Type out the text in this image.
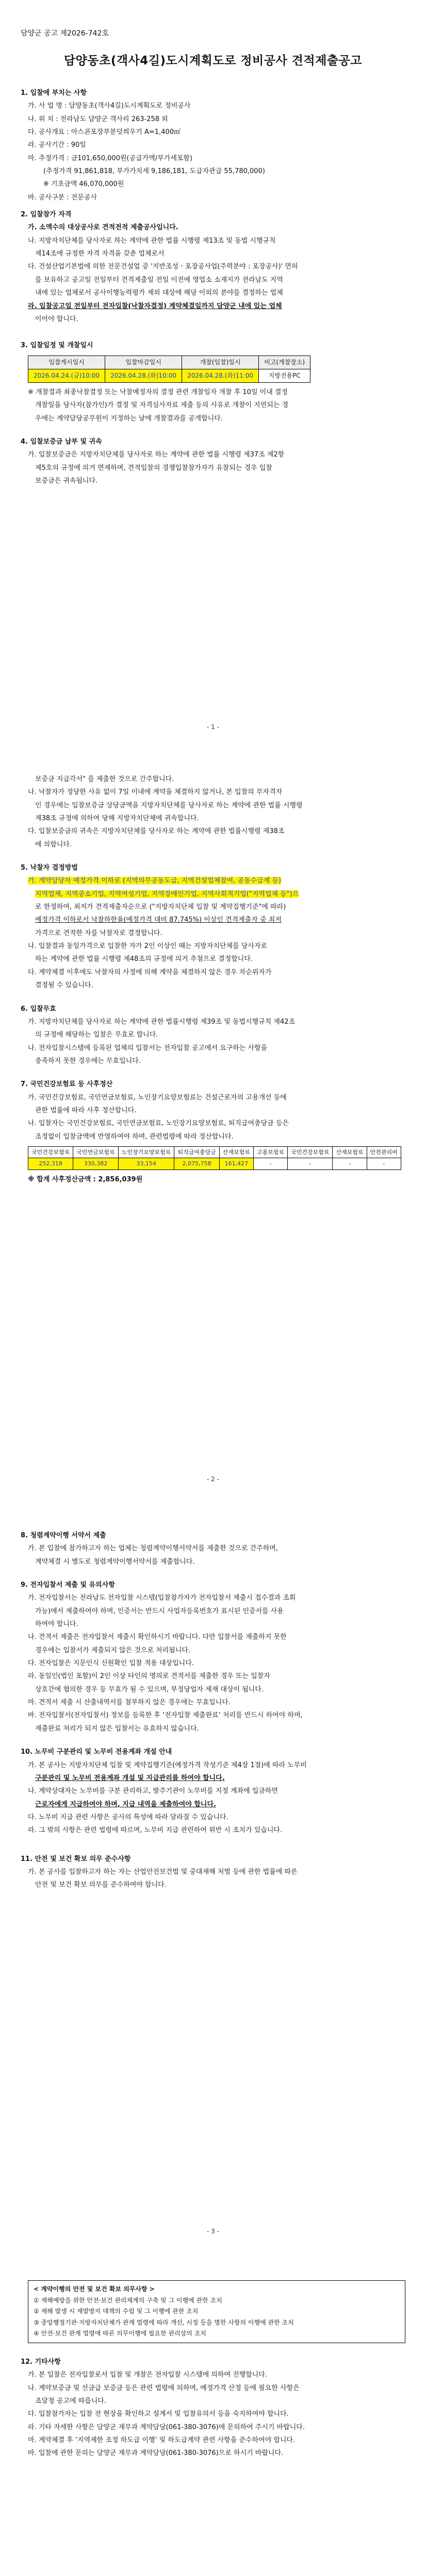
담양군 공고 제2026-742호
담양동초(객사4길)도시계획도로 정비공사 견적제출공고
1. 입찰에 부치는 사항
가. 사 업 명 : 담양동초(객사4길)도시계획도로 정비공사
나. 위 치 : 전라남도 담양군 객사리 263-258 외
다. 공사개요 : 아스콘포장부분덧씌우기 A=1,400㎡
라. 공사기간 : 90일
마. 추정가격 : 금101,650,000원(공급가액/부가세포함)
(추정가격 91,861,818, 부가가치세 9,186,181, 도급자관급 55,780,000)
※ 기초금액 46,070,000원
바. 공사구분 : 전문공사
2. 입찰참가 자격
가. 소액수의 대상공사로 견적전적 제출공사입니다.
나. 지방자치단체를 당사자로 하는 계약에 관한 법률 시행령 제13조 및 동법 시행규칙
제14조에 규정한 자격 자격을 갖춘 업체로서
다. 건설산업기본법에 의한 전문건설업 중 '지반조성ㆍ포장공사업(주력분야 : 포장공사)' 면허
를 보유하고 공고일 전일부터 견적제출일 전일 이전에 영업소 소재지가 전라남도 지역
내에 있는 업체로서 공사이행능력평가 제외 대상에 해당 이외의 분야를 결정하는 업체
라. 입찰공고일 전일부터 전자입찰(낙찰자결정) 계약체결일까지 담양군 내에 있는 업체
이어야 합니다.
3. 입찰일정 및 개찰일시
입찰게시일시	입찰마감일시	개찰(입찰)일시	비고(개찰장소)
2026.04.24.(금)10:00	2026.04.28.(화)10:00	2026.04.28.(화)11:00	지방전용PC
※ 개찰결과 최종낙찰결정 또는 낙찰예정자의 결정 관련 개찰일자 개찰 후 10일 이내 결정
개찰일을 당사자(참가인)가 결정 및 자격심사자료 제출 등의 사유로 개찰이 지연되는 경
우에는 계약담당공무원이 지정하는 날에 개찰결과를 공개합니다.
4. 입찰보증금 납부 및 귀속
가. 입찰보증금은 지방자치단체를 당사자로 하는 계약에 관한 법률 시행령 제37조 제2항
제5호의 규정에 의거 면제하며, 견적입찰의 경쟁입찰참가자가 유찰되는 경우 입찰
보증금은 귀속됩니다.
- 1 -
보증금 지급각서" 를 제출한 것으로 간주합니다.
나. 낙찰자가 정당한 사유 없이 7일 이내에 계약을 체결하지 않거나, 본 입찰의 무자격자
인 경우에는 입찰보증금 상당금액을 지방자치단체를 당사자로 하는 계약에 관한 법률 시행령
제38조 규정에 의하여 당해 지방자치단체에 귀속합니다.
다. 입찰보증금의 귀속은 지방자치단체를 당사자로 하는 계약에 관한 법률시행령 제38조
에 의합니다.
5. 낙찰자 결정방법
가. 계약담당자 예정가격 이하로 (지역의무공동도급, 지역건설업체참여, 공동수급제 등)
지역업체, 지역중소기업, 지역여성기업, 지역장애인기업, 지역사회적기업("지역업체 등")으
로 한정하여, 최저가 견적제출자순으로 ("지방자치단체 입찰 및 계약집행기준"에 따라)
예정가격 이하로서 낙찰하한율(예정가격 대비 87.745%) 이상인 견적제출자 중 최저
가격으로 견적한 자를 낙찰자로 결정합니다.
나. 입찰결과 동일가격으로 입찰한 자가 2인 이상인 때는 지방자치단체를 당사자로
하는 계약에 관한 법률 시행령 제48조의 규정에 의거 추첨으로 결정합니다.
다. 계약체결 이후에도 낙찰자의 사정에 의해 계약을 체결하지 않은 경우 차순위자가
결정될 수 있습니다.
6. 입찰무효
가. 지방자치단체를 당사자로 하는 계약에 관한 법률시행령 제39조 및 동법시행규칙 제42조
의 규정에 해당하는 입찰은 무효로 합니다.
나. 전자입찰시스템에 등록된 업체의 입찰서는 전자입찰 공고에서 요구하는 사항을
충족하지 못한 경우에는 무효입니다.
7. 국민건강보험료 등 사후정산
가. 국민건강보험료, 국민연금보험료, 노인장기요양보험료는 건설근로자의 고용개선 등에
관한 법률에 따라 사후 정산합니다.
나. 입찰자는 국민건강보험료, 국민연금보험료, 노인장기요양보험료, 퇴직급여충당금 등은
조정없이 입찰금액에 반영하여야 하며, 관련법령에 따라 정산합니다.
국민건강보험료	국민연금보험료	노인장기요양보험료	퇴직급여충당금	산재보험료	고용보험료	국민건강보험료	산재보험료	안전관리비
252,318	330,382	33,154	2,075,758	161,427	-	-	-	-
※ 합계 사후정산금액 : 2,856,039원
- 2 -
8. 청렴계약이행 서약서 제출
가. 본 입찰에 참가하고자 하는 업체는 청렴계약이행서약서를 제출한 것으로 간주하며,
계약체결 시 별도로 청렴계약이행서약서를 제출합니다.
9. 전자입찰서 제출 및 유의사항
가. 전자입찰서는 전라남도 전자입찰 시스템(입찰참가자가 전자입찰서 제출시 접수결과 조회
가능)에서 제출하여야 하며, 인증서는 반드시 사업자등록번호가 표시된 인증서를 사용
하여야 합니다.
나. 견적서 제출은 전자입찰서 제출시 확인하시기 바랍니다. 다만 입찰서를 제출하지 못한
경우에는 입찰서가 제출되지 않은 것으로 처리됩니다.
다. 전자입찰은 지문인식 신원확인 입찰 적용 대상입니다.
라. 동일인(법인 포함)이 2인 이상 타인의 명의로 견적서를 제출한 경우 또는 입찰자
상호간에 협의한 경우 등 무효가 될 수 있으며, 부정당업자 제재 대상이 됩니다.
마. 견적서 제출 시 산출내역서를 첨부하지 않은 경우에는 무효입니다.
바. 전자입찰서(전자입찰서) 정보를 등록한 후 ‘전자입찰 제출완료’ 처리를 반드시 하여야 하며,
제출완료 처리가 되지 않은 입찰서는 유효하지 않습니다.
10. 노무비 구분관리 및 노무비 전용계좌 개설 안내
가. 본 공사는 지방자치단체 입찰 및 계약집행기준(예정가격 작성기준 제4장 1절)에 따라 노무비
구분관리 및 노무비 전용계좌 개설 및 지급관리를 하여야 합니다.
나. 계약상대자는 노무비를 구분 관리하고, 발주기관이 노무비를 지정 계좌에 입금하면
근로자에게 지급하여야 하며, 지급 내역을 제출하여야 합니다.
다. 노무비 지급 관련 사항은 공사의 특성에 따라 달라질 수 있습니다.
라. 그 밖의 사항은 관련 법령에 따르며, 노무비 지급 관련하여 위반 시 조치가 있습니다.
11. 안전 및 보건 확보 의무 준수사항
가. 본 공사를 입찰하고자 하는 자는 산업안전보건법 및 중대재해 처벌 등에 관한 법률에 따른
안전 및 보건 확보 의무를 준수하여야 합니다.
- 3 -
< 계약이행의 안전 및 보건 확보 의무사항 >
① 재해예방을 위한 안전·보건 관리체계의 구축 및 그 이행에 관한 조치
② 재해 발생 시 재발방지 대책의 수립 및 그 이행에 관한 조치
③ 중앙행정기관·지방자치단체가 관계 법령에 따라 개선, 시정 등을 명한 사항의 이행에 관한 조치
④ 안전·보건 관계 법령에 따른 의무이행에 필요한 관리상의 조치
12. 기타사항
가. 본 입찰은 전자입찰로서 입찰 및 개찰은 전자입찰 시스템에 의하여 진행합니다.
나. 계약보증금 및 선금급 보증금 등은 관련 법령에 의하며, 예정가격 산정 등에 필요한 사항은
조달청 공고에 따릅니다.
다. 입찰참가자는 입찰 전 현장을 확인하고 설계서 및 입찰유의서 등을 숙지하여야 합니다.
라. 기타 자세한 사항은 담양군 재무과 계약담당(061-380-3076)에 문의하여 주시기 바랍니다.
마. 계약체결 후 ‘지역제한 조정 하도급 이행’ 및 하도급계약 관련 사항을 준수하여야 합니다.
바. 입찰에 관한 문의는 담양군 재무과 계약담당(061-380-3076)으로 하시기 바랍니다.
